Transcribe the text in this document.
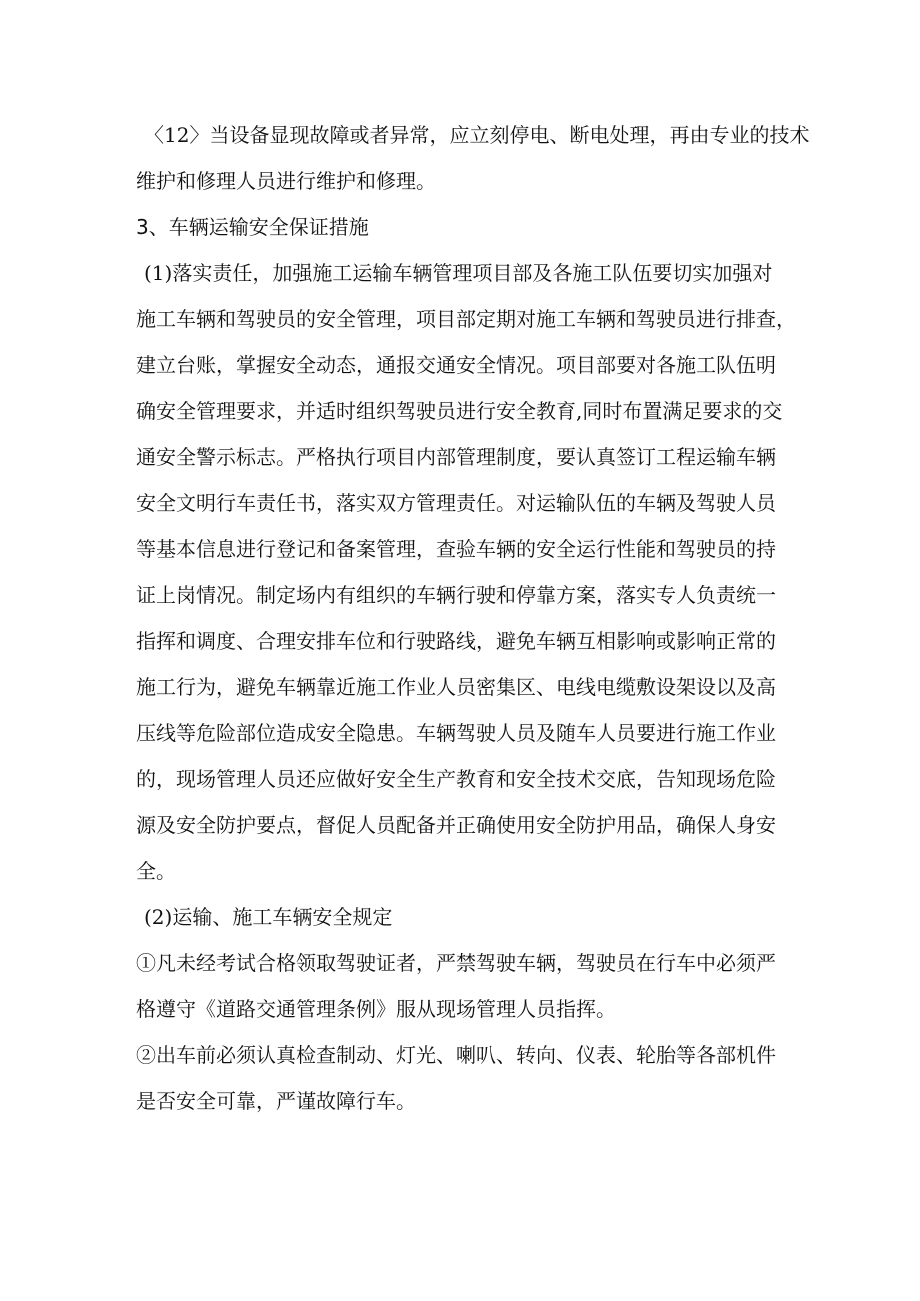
〈12〉当设备显现故障或者异常，应立刻停电、断电处理，再由专业的技术
维护和修理人员进行维护和修理。
3、车辆运输安全保证措施
(1)落实责任，加强施工运输车辆管理项目部及各施工队伍要切实加强对
施工车辆和驾驶员的安全管理，项目部定期对施工车辆和驾驶员进行排查，
建立台账，掌握安全动态，通报交通安全情况。项目部要对各施工队伍明
确安全管理要求，并适时组织驾驶员进行安全教育,同时布置满足要求的交
通安全警示标志。严格执行项目内部管理制度，要认真签订工程运输车辆
安全文明行车责任书，落实双方管理责任。对运输队伍的车辆及驾驶人员
等基本信息进行登记和备案管理，查验车辆的安全运行性能和驾驶员的持
证上岗情况。制定场内有组织的车辆行驶和停靠方案，落实专人负责统一
指挥和调度、合理安排车位和行驶路线，避免车辆互相影响或影响正常的
施工行为，避免车辆靠近施工作业人员密集区、电线电缆敷设架设以及高
压线等危险部位造成安全隐患。车辆驾驶人员及随车人员要进行施工作业
的，现场管理人员还应做好安全生产教育和安全技术交底，告知现场危险
源及安全防护要点，督促人员配备并正确使用安全防护用品，确保人身安
全。
(2)运输、施工车辆安全规定
①凡未经考试合格领取驾驶证者，严禁驾驶车辆，驾驶员在行车中必须严
格遵守《道路交通管理条例》服从现场管理人员指挥。
②出车前必须认真检查制动、灯光、喇叭、转向、仪表、轮胎等各部机件
是否安全可靠，严谨故障行车。
